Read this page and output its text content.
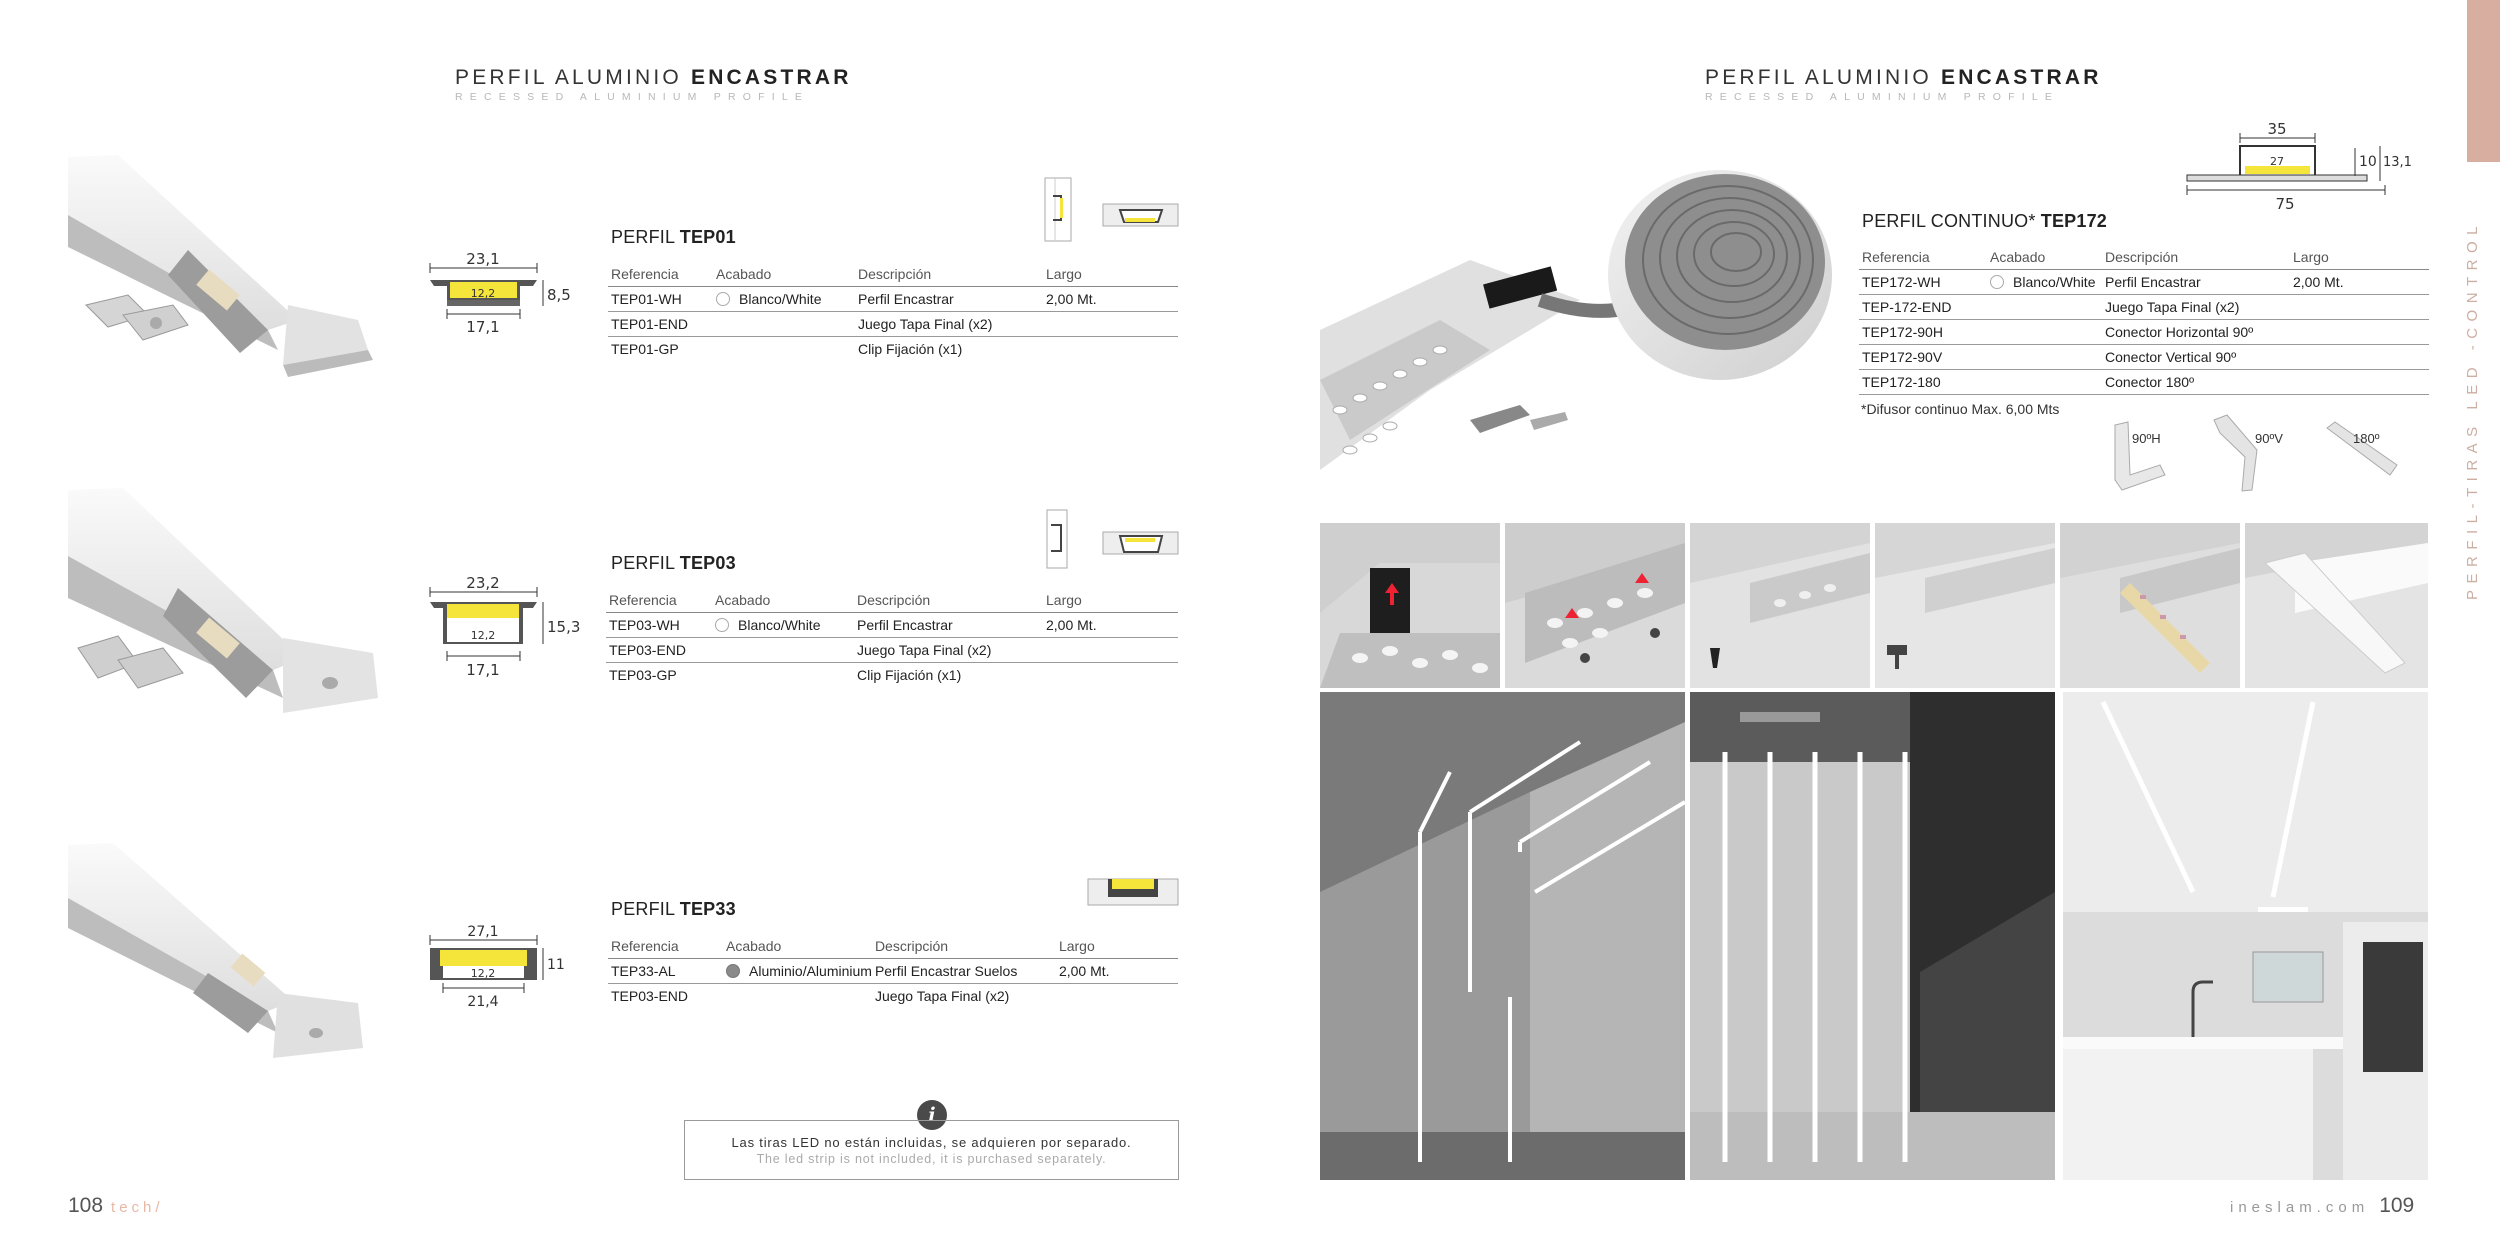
PERFIL ALUMINIO ENCASTRAR
RECESSED ALUMINIUM PROFILE
23,1
12,2
17,1
8,5
PERFIL TEP01
Referencia	Acabado	Descripción	Largo
TEP01-WH	Blanco/White	Perfil Encastrar	2,00 Mt.
TEP01-END		Juego Tapa Final (x2)	
TEP01-GP		Clip Fijación (x1)	
23,2
12,2
17,1
15,3
PERFIL TEP03
Referencia	Acabado	Descripción	Largo
TEP03-WH	Blanco/White	Perfil Encastrar	2,00 Mt.
TEP03-END		Juego Tapa Final (x2)	
TEP03-GP		Clip Fijación (x1)	
27,1
12,2
21,4
11
PERFIL TEP33
Referencia	Acabado	Descripción	Largo
TEP33-AL	Aluminio/Aluminium	Perfil Encastrar Suelos	2,00 Mt.
TEP03-END		Juego Tapa Final (x2)	
i
Las tiras LED no están incluidas, se adquieren por separado.
The led strip is not included, it is purchased separately.
108 tech/
PERFIL ALUMINIO ENCASTRAR
RECESSED ALUMINIUM PROFILE
35
27
75
10 13,1
PERFIL CONTINUO* TEP172
Referencia	Acabado	Descripción	Largo
TEP172-WH	Blanco/White	Perfil Encastrar	2,00 Mt.
TEP-172-END		Juego Tapa Final (x2)	
TEP172-90H		Conector Horizontal 90º	
TEP172-90V		Conector Vertical 90º	
TEP172-180		Conector 180º	
*Difusor continuo Max. 6,00 Mts
90ºH	90ºV	180º
ineslam.com 109
PERFIL-TIRAS LED -CONTROL
